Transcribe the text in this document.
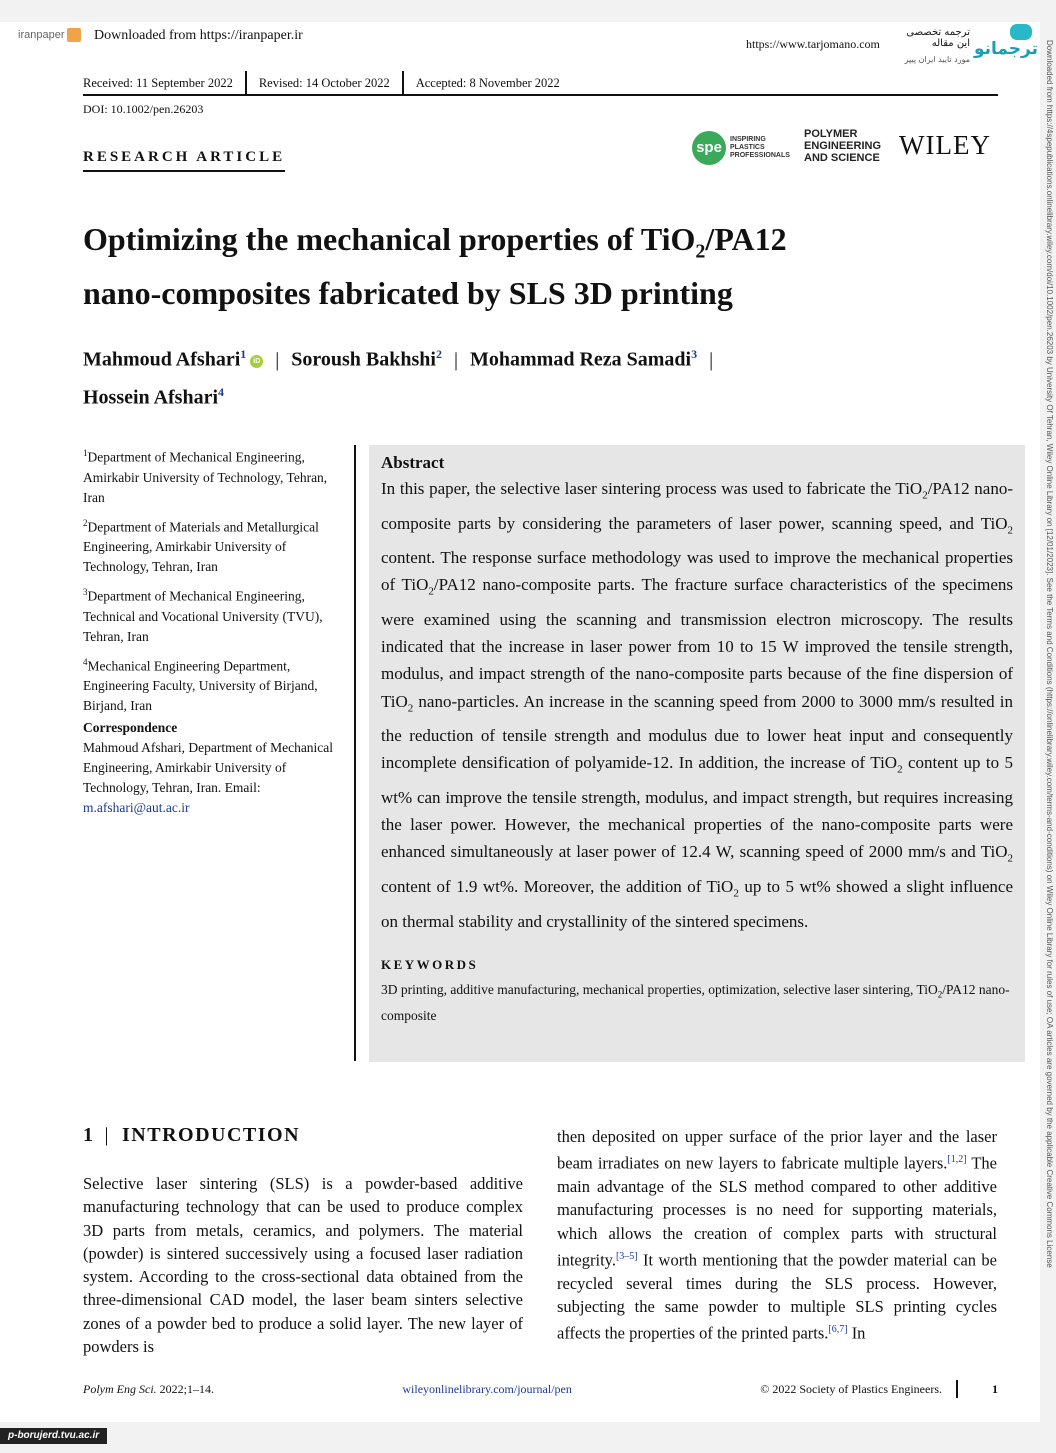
iranpaper Downloaded from https://iranpaper.ir
https://www.tarjomano.com
ترجمه تخصصی این مقاله
مورد تایید ایران پیپر
ترجمانو Downloaded from https://4spepublications.onlinelibrary.wiley.com/doi/10.1002/pen.26203 by University Of Tehran, Wiley Online Library on [12/01/2023]. See the Terms and Conditions (https://onlinelibrary.wiley.com/terms-and-conditions) on Wiley Online Library for rules of use; OA articles are governed by the applicable Creative Commons License
Received: 11 September 2022	Revised: 14 October 2022	Accepted: 8 November 2022
DOI: 10.1002/pen.26203
RESEARCH ARTICLE
spe	INSPIRING
PLASTICS
PROFESSIONALS
POLYMER
ENGINEERING
AND SCIENCE WILEY
Optimizing the mechanical properties of TiO$_2$/PA12
nano-composites fabricated by SLS 3D printing
Mahmoud Afshari$^1$iD | Soroush Bakhshi$^2$ | Mohammad Reza Samadi$^3$ |
Hossein Afshari$^4$

$^1$Department of Mechanical Engineering, Amirkabir University of Technology, Tehran, Iran

$^2$Department of Materials and Metallurgical Engineering, Amirkabir University of Technology, Tehran, Iran

$^3$Department of Mechanical Engineering, Technical and Vocational University (TVU), Tehran, Iran

$^4$Mechanical Engineering Department, Engineering Faculty, University of Birjand, Birjand, Iran

Correspondence
Mahmoud Afshari, Department of Mechanical Engineering, Amirkabir University of Technology, Tehran, Iran. Email: m.afshari@aut.ac.ir
Abstract
In this paper, the selective laser sintering process was used to fabricate the TiO$_2$/PA12 nano-composite parts by considering the parameters of laser power, scanning speed, and TiO$_2$ content. The response surface methodology was used to improve the mechanical properties of TiO$_2$/PA12 nano-composite parts. The fracture surface characteristics of the specimens were examined using the scanning and transmission electron microscopy. The results indicated that the increase in laser power from 10 to 15 W improved the tensile strength, modulus, and impact strength of the nano-composite parts because of the fine dispersion of TiO$_2$ nano-particles. An increase in the scanning speed from 2000 to 3000 mm/s resulted in the reduction of tensile strength and modulus due to lower heat input and consequently incomplete densification of polyamide-12. In addition, the increase of TiO$_2$ content up to 5 wt% can improve the tensile strength, modulus, and impact strength, but requires increasing the laser power. However, the mechanical properties of the nano-composite parts were enhanced simultaneously at laser power of 12.4 W, scanning speed of 2000 mm/s and TiO$_2$ content of 1.9 wt%. Moreover, the addition of TiO$_2$ up to 5 wt% showed a slight influence on thermal stability and crystallinity of the sintered specimens.
KEYWORDS
3D printing, additive manufacturing, mechanical properties, optimization, selective laser sintering, TiO$_2$/PA12 nano-composite
1 | INTRODUCTION
Selective laser sintering (SLS) is a powder-based additive manufacturing technology that can be used to produce complex 3D parts from metals, ceramics, and polymers. The material (powder) is sintered successively using a focused laser radiation system. According to the cross-sectional data obtained from the three-dimensional CAD model, the laser beam sinters selective zones of a powder bed to produce a solid layer. The new layer of powders is
then deposited on upper surface of the prior layer and the laser beam irradiates on new layers to fabricate multiple layers.[1,2] The main advantage of the SLS method compared to other additive manufacturing processes is no need for supporting materials, which allows the creation of complex parts with structural integrity.[3–5] It worth mentioning that the powder material can be recycled several times during the SLS process. However, subjecting the same powder to multiple SLS printing cycles affects the properties of the printed parts.[6,7] In
Polym Eng Sci. 2022;1–14.	wileyonlinelibrary.com/journal/pen	© 2022 Society of Plastics Engineers.	1
p-borujerd.tvu.ac.ir
